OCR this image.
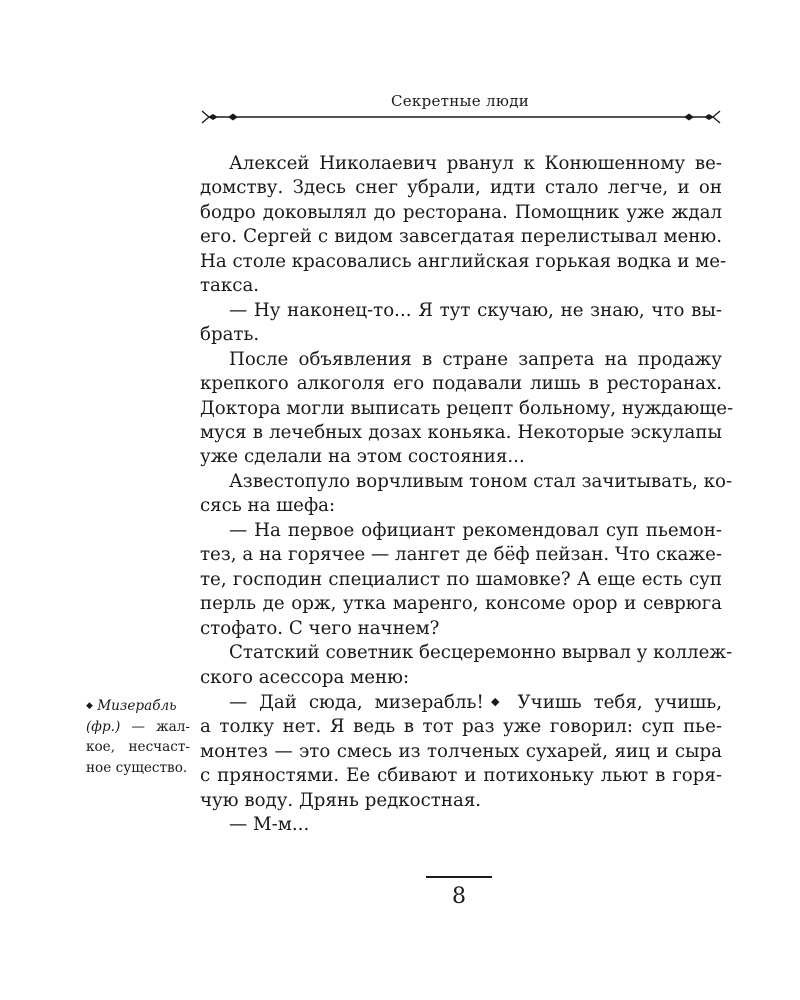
Секретные люди
Алексей Николаевич рванул к Конюшенному ве-
домству. Здесь снег убрали, идти стало легче, и он
бодро доковылял до ресторана. Помощник уже ждал
его. Сергей с видом завсегдатая перелистывал меню.
На столе красовались английская горькая водка и ме-
такса.
— Ну наконец-то... Я тут скучаю, не знаю, что вы-
брать.
После объявления в стране запрета на продажу
крепкого алкоголя его подавали лишь в ресторанах.
Доктора могли выписать рецепт больному, нуждающе-
муся в лечебных дозах коньяка. Некоторые эскулапы
уже сделали на этом состояния...
Азвестопуло ворчливым тоном стал зачитывать, ко-
сясь на шефа:
— На первое официант рекомендовал суп пьемон-
тез, а на горячее — лангет де бёф пейзан. Что скаже-
те, господин специалист по шамовке? А еще есть суп
перль де орж, утка маренго, консоме орор и севрюга
стофато. С чего начнем?
Статский советник бесцеремонно вырвал у коллеж-
ского асессора меню:
— Дай сюда, мизерабль!◆ Учишь тебя, учишь,
а толку нет. Я ведь в тот раз уже говорил: суп пье-
монтез — это смесь из толченых сухарей, яиц и сыра
с пряностями. Ее сбивают и потихоньку льют в горя-
чую воду. Дрянь редкостная.
— М-м...
◆ Мизерабль
(фр.) — жал-
кое, несчаст-
ное существо.
8
